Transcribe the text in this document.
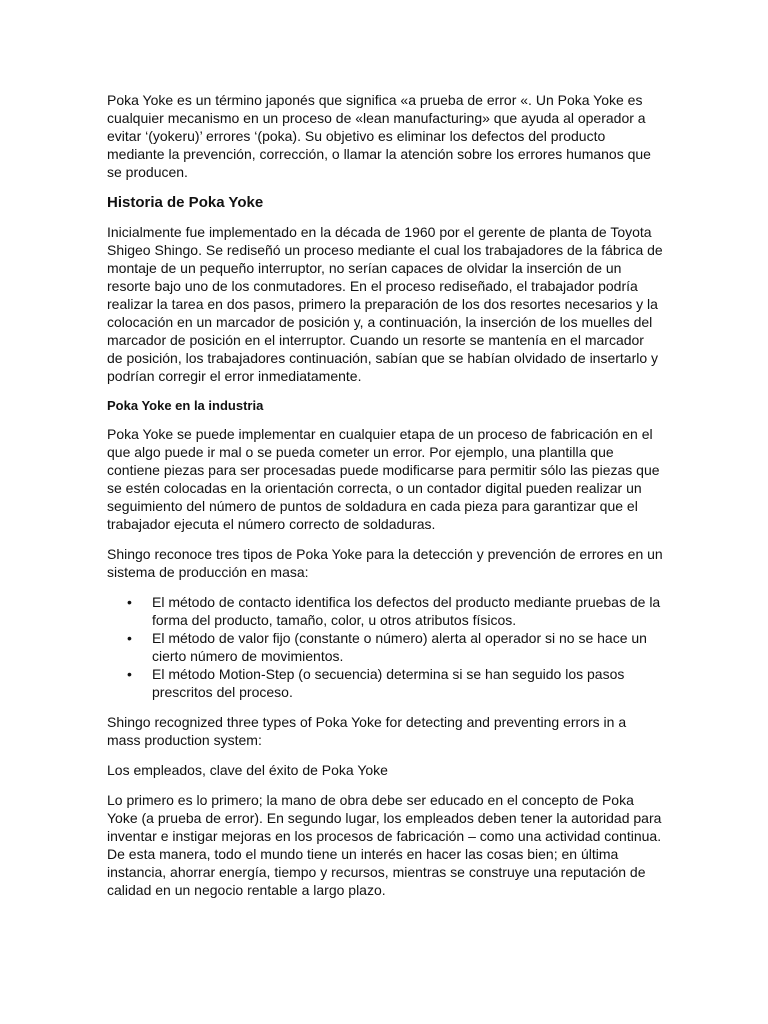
Poka Yoke es un término japonés que significa «a prueba de error «. Un Poka Yoke es cualquier mecanismo en un proceso de «lean manufacturing» que ayuda al operador a evitar ‘(yokeru)’ errores ‘(poka). Su objetivo es eliminar los defectos del producto mediante la prevención, corrección, o llamar la atención sobre los errores humanos que se producen.

Historia de Poka Yoke

Inicialmente fue implementado en la década de 1960 por el gerente de planta de Toyota Shigeo Shingo. Se rediseñó un proceso mediante el cual los trabajadores de la fábrica de montaje de un pequeño interruptor, no serían capaces de olvidar la inserción de un resorte bajo uno de los conmutadores. En el proceso rediseñado, el trabajador podría realizar la tarea en dos pasos, primero la preparación de los dos resortes necesarios y la colocación en un marcador de posición y, a continuación, la inserción de los muelles del marcador de posición en el interruptor. Cuando un resorte se mantenía en el marcador de posición, los trabajadores continuación, sabían que se habían olvidado de insertarlo y podrían corregir el error inmediatamente.

Poka Yoke en la industria

Poka Yoke se puede implementar en cualquier etapa de un proceso de fabricación en el que algo puede ir mal o se pueda cometer un error. Por ejemplo, una plantilla que contiene piezas para ser procesadas puede modificarse para permitir sólo las piezas que se estén colocadas en la orientación correcta, o un contador digital pueden realizar un seguimiento del número de puntos de soldadura en cada pieza para garantizar que el trabajador ejecuta el número correcto de soldaduras.

Shingo reconoce tres tipos de Poka Yoke para la detección y prevención de errores en un sistema de producción en masa:

• El método de contacto identifica los defectos del producto mediante pruebas de la forma del producto, tamaño, color, u otros atributos físicos.
• El método de valor fijo (constante o número) alerta al operador si no se hace un cierto número de movimientos.
• El método Motion-Step (o secuencia) determina si se han seguido los pasos prescritos del proceso.

Shingo recognized three types of Poka Yoke for detecting and preventing errors in a mass production system:

Los empleados, clave del éxito de Poka Yoke

Lo primero es lo primero; la mano de obra debe ser educado en el concepto de Poka Yoke (a prueba de error). En segundo lugar, los empleados deben tener la autoridad para inventar e instigar mejoras en los procesos de fabricación – como una actividad continua. De esta manera, todo el mundo tiene un interés en hacer las cosas bien; en última instancia, ahorrar energía, tiempo y recursos, mientras se construye una reputación de calidad en un negocio rentable a largo plazo.
